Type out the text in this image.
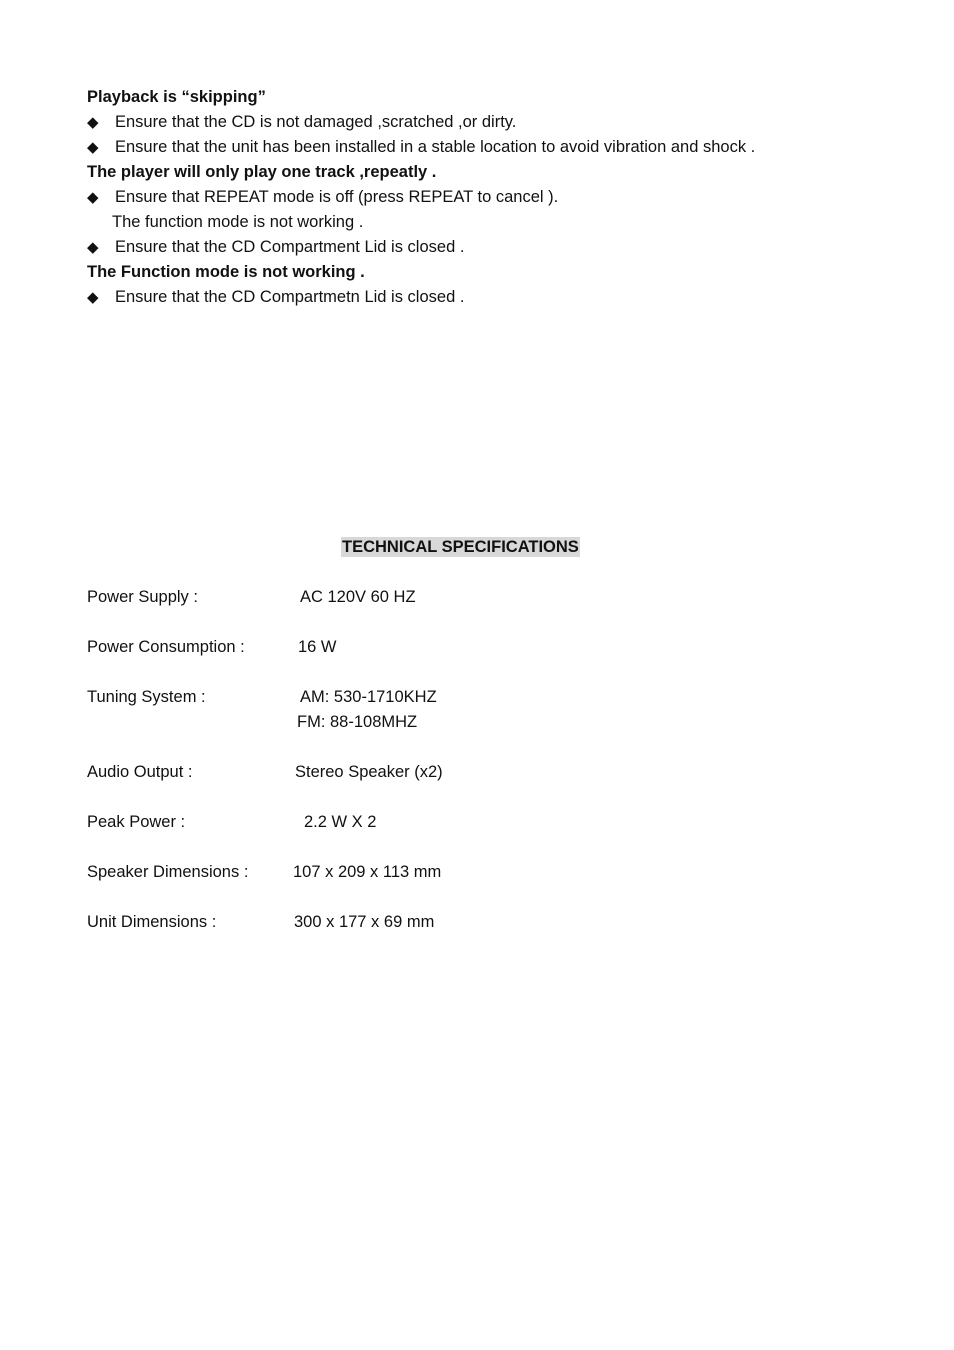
Playback is “skipping”
◆ Ensure that the CD is not damaged ,scratched ,or dirty.
◆ Ensure that the unit has been installed in a stable location to avoid vibration and shock .
The player will only play one track ,repeatly .
◆ Ensure that REPEAT mode is off (press REPEAT to cancel ).
The function mode is not working .
◆ Ensure that the CD Compartment Lid is closed .
The Function mode is not working .
◆ Ensure that the CD Compartmetn Lid is closed .
TECHNICAL SPECIFICATIONS
Power Supply :	AC 120V 60 HZ
Power Consumption :	16 W
Tuning System :	AM: 530-1710KHZ
FM: 88-108MHZ
Audio Output :	Stereo Speaker (x2)
Peak Power :	2.2 W X 2
Speaker Dimensions :	107 x 209 x 113 mm
Unit Dimensions :	300 x 177 x 69 mm
